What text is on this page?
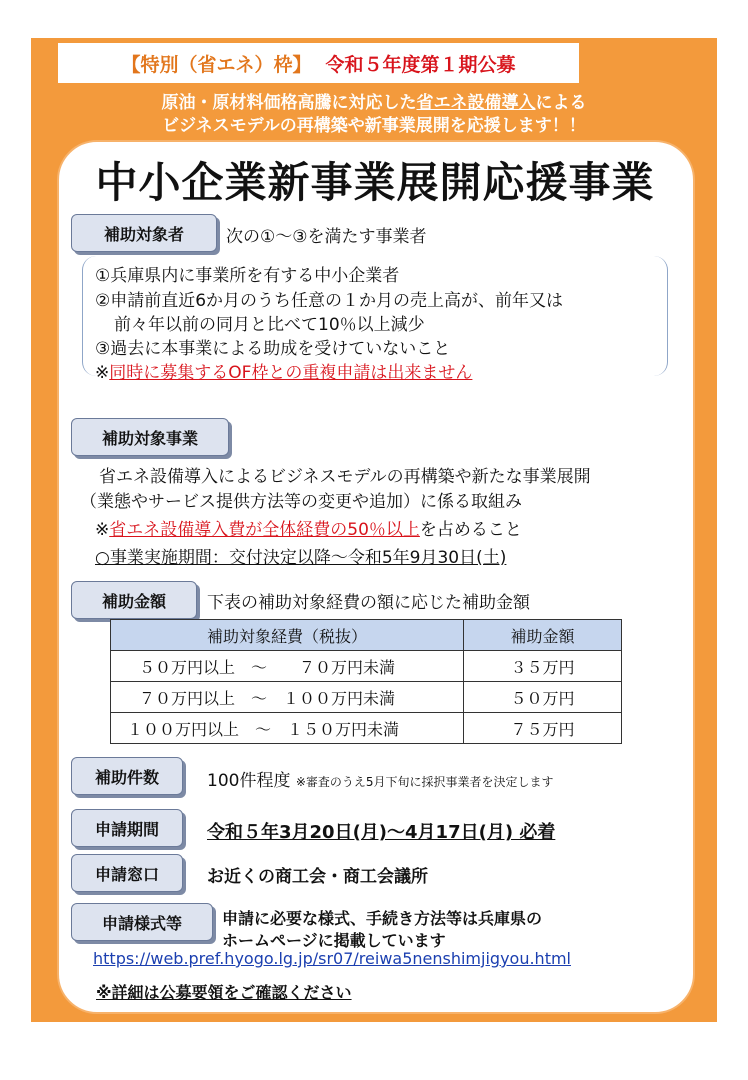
【特別（省エネ）枠】 令和５年度第１期公募
原油・原材料価格高騰に対応した省エネ設備導入による
ビジネスモデルの再構築や新事業展開を応援します！！
中小企業新事業展開応援事業
補助対象者	次の①～③を満たす事業者
①兵庫県内に事業所を有する中小企業者
②申請前直近6か月のうち任意の１か月の売上高が、前年又は
前々年以前の同月と比べて10％以上減少
③過去に本事業による助成を受けていないこと
※同時に募集するOF枠との重複申請は出来ません
補助対象事業
省エネ設備導入によるビジネスモデルの再構築や新たな事業展開
（業態やサービス提供方法等の変更や追加）に係る取組み
※省エネ設備導入費が全体経費の50％以上を占めること
○事業実施期間：交付決定以降～令和5年9月30日(土)
補助金額	下表の補助対象経費の額に応じた補助金額
補助対象経費（税抜）	補助金額
５０万円以上　～　　７０万円未満	３５万円
７０万円以上　～　１００万円未満	５０万円
１００万円以上　～　１５０万円未満	７５万円
補助件数	100件程度 ※審査のうえ5月下旬に採択事業者を決定します
申請期間	令和５年3月20日(月)～4月17日(月) 必着
申請窓口	お近くの商工会・商工会議所
申請様式等	申請に必要な様式、手続き方法等は兵庫県の
ホームページに掲載しています
https://web.pref.hyogo.lg.jp/sr07/reiwa5nenshimjigyou.html
※詳細は公募要領をご確認ください
